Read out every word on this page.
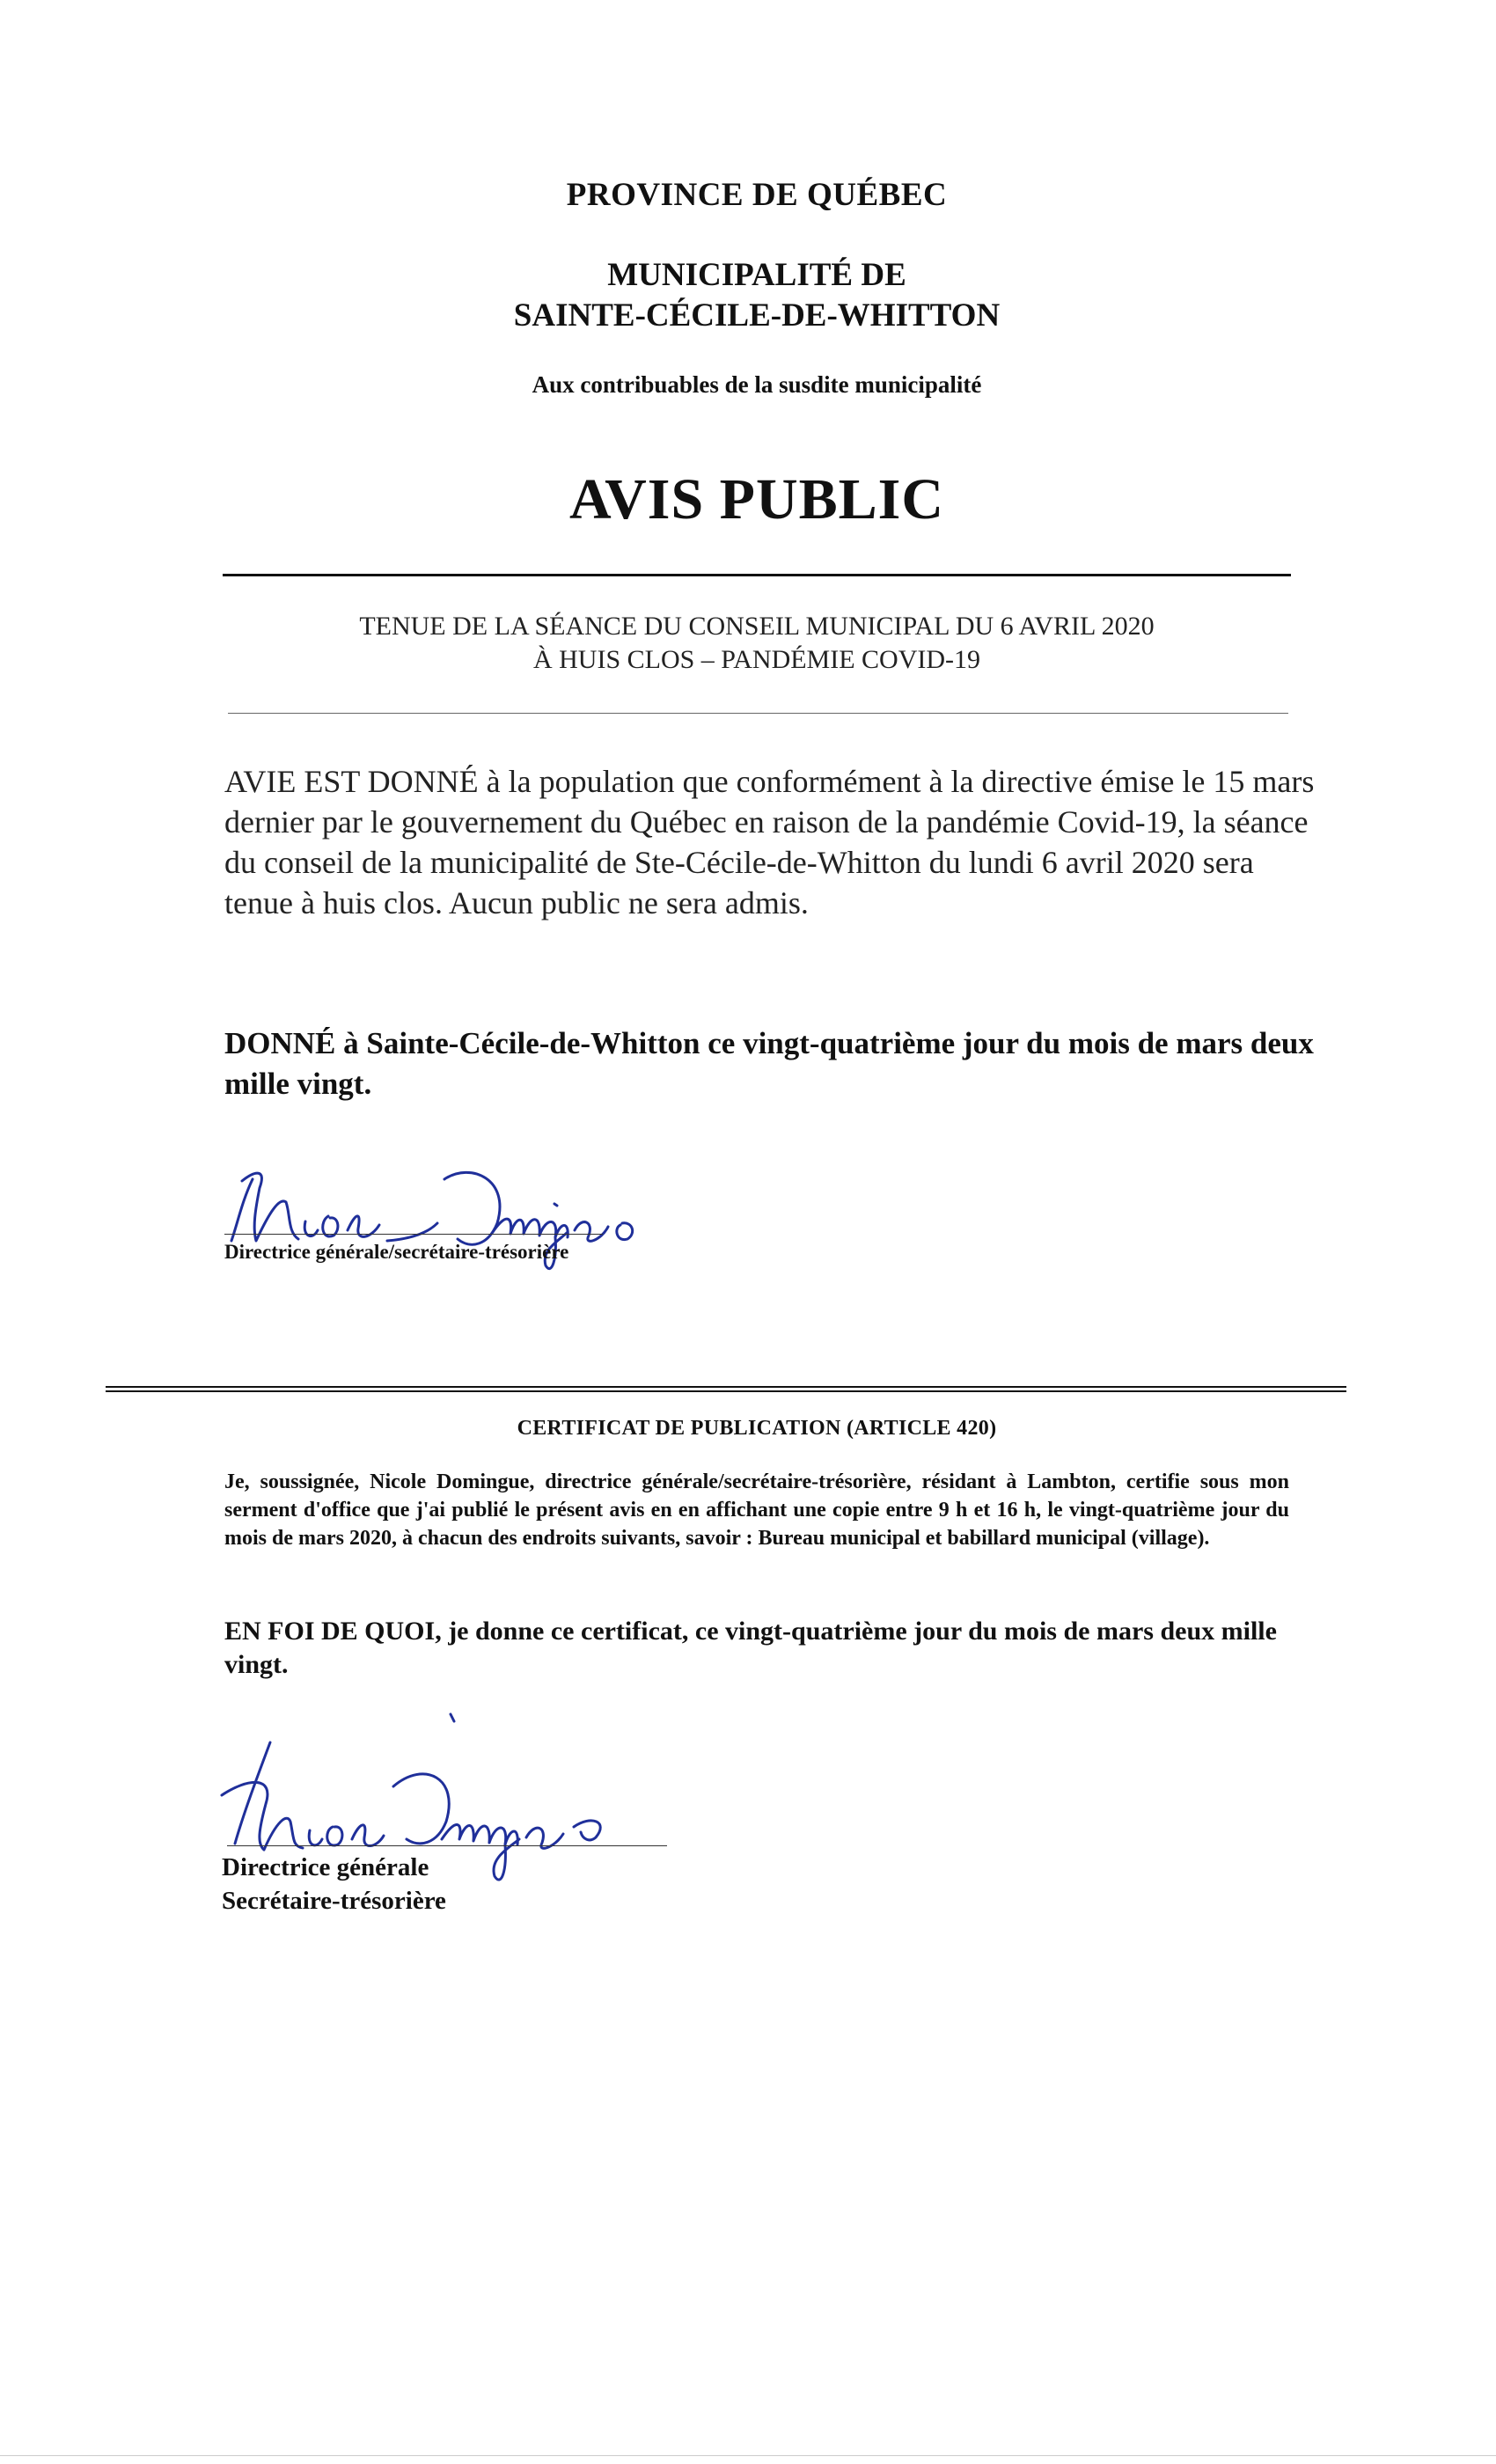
PROVINCE DE QUÉBEC
MUNICIPALITÉ DE
SAINTE-CÉCILE-DE-WHITTON
Aux contribuables de la susdite municipalité
AVIS PUBLIC
TENUE DE LA SÉANCE DU CONSEIL MUNICIPAL DU 6 AVRIL 2020
À HUIS CLOS – PANDÉMIE COVID-19
AVIE EST DONNÉ à la population que conformément à la directive émise le 15 mars dernier par le gouvernement du Québec en raison de la pandémie Covid-19, la séance du conseil de la municipalité de Ste-Cécile-de-Whitton du lundi 6 avril 2020 sera tenue à huis clos. Aucun public ne sera admis.
DONNÉ à Sainte-Cécile-de-Whitton ce vingt-quatrième jour du mois de mars deux mille vingt.
Directrice générale/secrétaire-trésorière
CERTIFICAT DE PUBLICATION (ARTICLE 420)
Je, soussignée, Nicole Domingue, directrice générale/secrétaire-trésorière, résidant à Lambton, certifie sous mon serment d'office que j'ai publié le présent avis en en affichant une copie entre 9 h et 16 h, le vingt-quatrième jour du mois de mars 2020, à chacun des endroits suivants, savoir : Bureau municipal et babillard municipal (village).
EN FOI DE QUOI, je donne ce certificat, ce vingt-quatrième jour du mois de mars deux mille vingt.
Directrice générale
Secrétaire-trésorière
